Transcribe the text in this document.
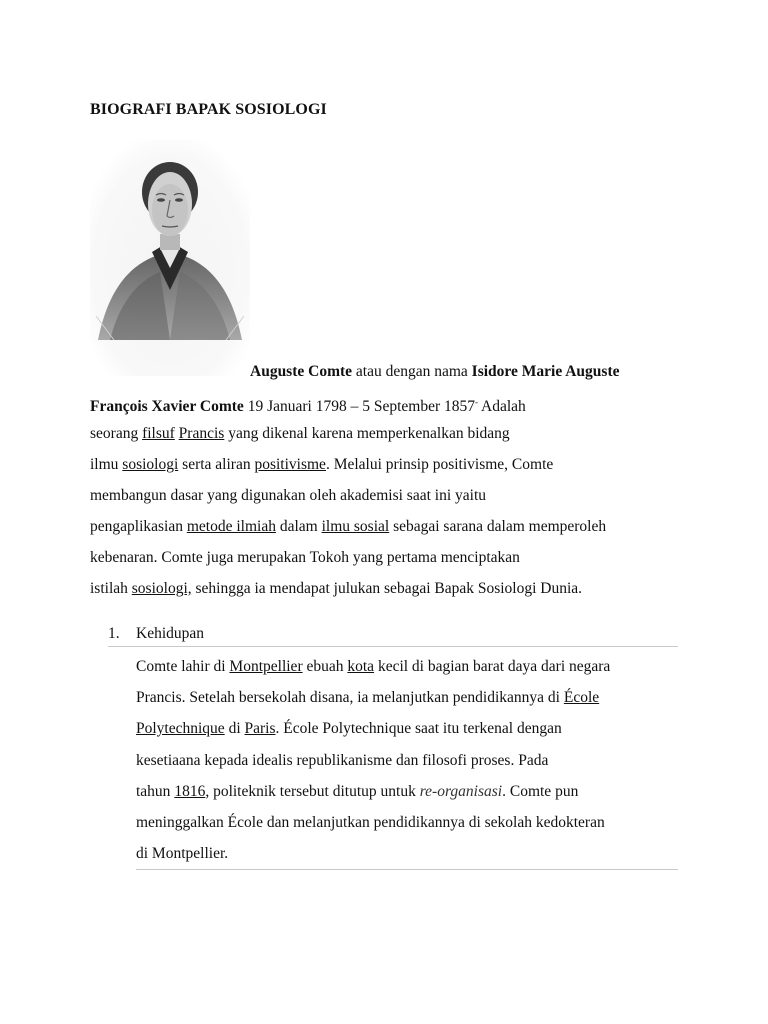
BIOGRAFI BAPAK SOSIOLOGI
Auguste Comte atau dengan nama Isidore Marie Auguste
François Xavier Comte 19 Januari 1798 – 5 September 1857- Adalah
seorang filsuf Prancis yang dikenal karena memperkenalkan bidang
ilmu sosiologi serta aliran positivisme. Melalui prinsip positivisme, Comte
membangun dasar yang digunakan oleh akademisi saat ini yaitu
pengaplikasian metode ilmiah dalam ilmu sosial sebagai sarana dalam memperoleh
kebenaran. Comte juga merupakan Tokoh yang pertama menciptakan
istilah sosiologi, sehingga ia mendapat julukan sebagai Bapak Sosiologi Dunia.
1.	Kehidupan
Comte lahir di Montpellier ebuah kota kecil di bagian barat daya dari negara
Prancis. Setelah bersekolah disana, ia melanjutkan pendidikannya di École
Polytechnique di Paris. École Polytechnique saat itu terkenal dengan
kesetiaana kepada idealis republikanisme dan filosofi proses. Pada
tahun 1816, politeknik tersebut ditutup untuk re-organisasi. Comte pun
meninggalkan École dan melanjutkan pendidikannya di sekolah kedokteran
di Montpellier.
